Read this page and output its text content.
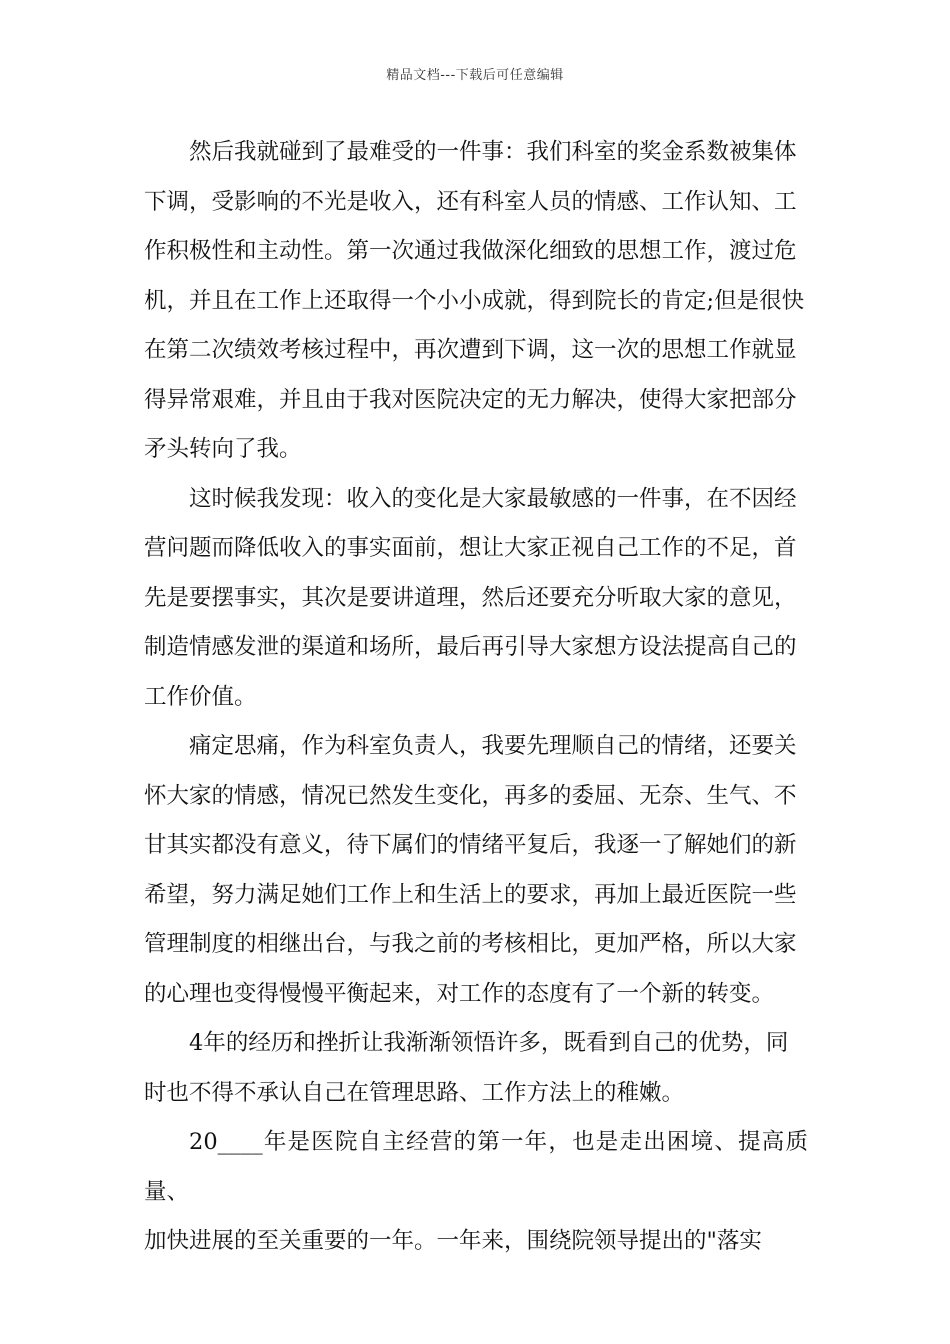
精品文档---下载后可任意编辑

然后我就碰到了最难受的一件事：我们科室的奖金系数被集体
下调，受影响的不光是收入，还有科室人员的情感、工作认知、工
作积极性和主动性。第一次通过我做深化细致的思想工作，渡过危
机，并且在工作上还取得一个小小成就，得到院长的肯定;但是很快
在第二次绩效考核过程中，再次遭到下调，这一次的思想工作就显
得异常艰难，并且由于我对医院决定的无力解决，使得大家把部分
矛头转向了我。

这时候我发现：收入的变化是大家最敏感的一件事，在不因经
营问题而降低收入的事实面前，想让大家正视自己工作的不足，首
先是要摆事实，其次是要讲道理，然后还要充分听取大家的意见，
制造情感发泄的渠道和场所，最后再引导大家想方设法提高自己的
工作价值。

痛定思痛，作为科室负责人，我要先理顺自己的情绪，还要关
怀大家的情感，情况已然发生变化，再多的委屈、无奈、生气、不
甘其实都没有意义，待下属们的情绪平复后，我逐一了解她们的新
希望，努力满足她们工作上和生活上的要求，再加上最近医院一些
管理制度的相继出台，与我之前的考核相比，更加严格，所以大家
的心理也变得慢慢平衡起来，对工作的态度有了一个新的转变。

4年的经历和挫折让我渐渐领悟许多，既看到自己的优势，同
时也不得不承认自己在管理思路、工作方法上的稚嫩。

20____年是医院自主经营的第一年，也是走出困境、提高质量、
加快进展的至关重要的一年。一年来，围绕院领导提出的"落实
